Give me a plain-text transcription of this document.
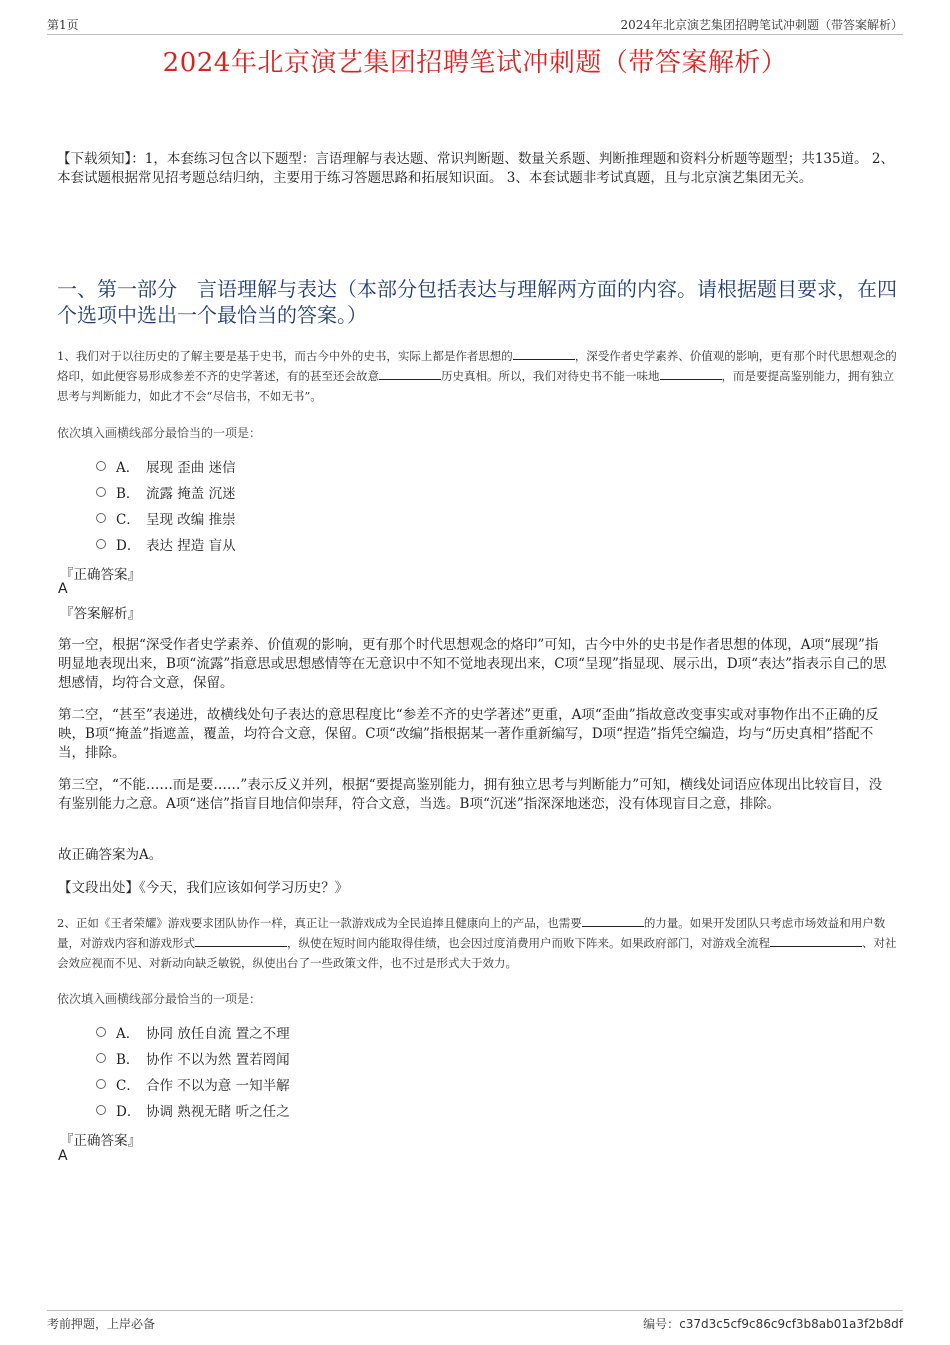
第1页	2024年北京演艺集团招聘笔试冲刺题（带答案解析）
2024年北京演艺集团招聘笔试冲刺题（带答案解析）
【下载须知】：1，本套练习包含以下题型：言语理解与表达题、常识判断题、数量关系题、判断推理题和资料分析题等题型；共135道。 2、本套试题根据常见招考题总结归纳，主要用于练习答题思路和拓展知识面。 3、本套试题非考试真题，且与北京演艺集团无关。
一、第一部分　言语理解与表达（本部分包括表达与理解两方面的内容。请根据题目要求，在四个选项中选出一个最恰当的答案。）
1、我们对于以往历史的了解主要是基于史书，而古今中外的史书，实际上都是作者思想的	，深受作者史学素养、价值观的影响，更有那个时代思想观念的烙印，如此便容易形成参差不齐的史学著述，有的甚至还会故意	历史真相。所以，我们对待史书不能一味地	，而是要提高鉴别能力，拥有独立思考与判断能力，如此才不会“尽信书，不如无书”。
依次填入画横线部分最恰当的一项是：
A． 展现 歪曲 迷信
B． 流露 掩盖 沉迷
C． 呈现 改编 推崇
D． 表达 捏造 盲从
『正确答案』
A
『答案解析』
第一空，根据“深受作者史学素养、价值观的影响，更有那个时代思想观念的烙印”可知，古今中外的史书是作者思想的体现，A项“展现”指明显地表现出来，B项“流露”指意思或思想感情等在无意识中不知不觉地表现出来，C项“呈现”指显现、展示出，D项“表达”指表示自己的思想感情，均符合文意，保留。
第二空，“甚至”表递进，故横线处句子表达的意思程度比“参差不齐的史学著述”更重，A项“歪曲”指故意改变事实或对事物作出不正确的反映，B项“掩盖”指遮盖，覆盖，均符合文意，保留。C项“改编”指根据某一著作重新编写，D项“捏造”指凭空编造，均与“历史真相”搭配不当，排除。
第三空，“不能……而是要……”表示反义并列，根据“要提高鉴别能力，拥有独立思考与判断能力”可知，横线处词语应体现出比较盲目，没有鉴别能力之意。A项“迷信”指盲目地信仰崇拜，符合文意，当选。B项“沉迷”指深深地迷恋，没有体现盲目之意，排除。
故正确答案为A。
【文段出处】《今天，我们应该如何学习历史？》
2、正如《王者荣耀》游戏要求团队协作一样，真正让一款游戏成为全民追捧且健康向上的产品，也需要	的力量。如果开发团队只考虑市场效益和用户数量，对游戏内容和游戏形式	，纵使在短时间内能取得佳绩，也会因过度消费用户而败下阵来。如果政府部门，对游戏全流程	、对社会效应视而不见、对新动向缺乏敏锐，纵使出台了一些政策文件，也不过是形式大于效力。
依次填入画横线部分最恰当的一项是：
A． 协同 放任自流 置之不理
B． 协作 不以为然 置若罔闻
C． 合作 不以为意 一知半解
D． 协调 熟视无睹 听之任之
『正确答案』
A
考前押题，上岸必备	编号：c37d3c5cf9c86c9cf3b8ab01a3f2b8df
